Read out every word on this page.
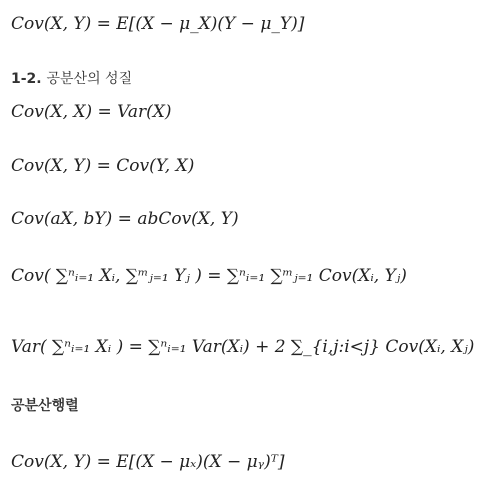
Cov(X, Y) = E[(X − μ_X)(Y − μ_Y)]
1-2. 공분산의 성질
Cov(X, X) = Var(X)
Cov(X, Y) = Cov(Y, X)
Cov(aX, bY) = abCov(X, Y)
Cov( ∑ⁿᵢ₌₁ Xᵢ, ∑ᵐⱼ₌₁ Yⱼ ) = ∑ⁿᵢ₌₁ ∑ᵐⱼ₌₁ Cov(Xᵢ, Yⱼ)
Var( ∑ⁿᵢ₌₁ Xᵢ ) = ∑ⁿᵢ₌₁ Var(Xᵢ) + 2 ∑_{i,j:i<j} Cov(Xᵢ, Xⱼ)
공분산행렬
Cov(X, Y) = E[(X − μₓ)(X − μᵧ)ᵀ]
